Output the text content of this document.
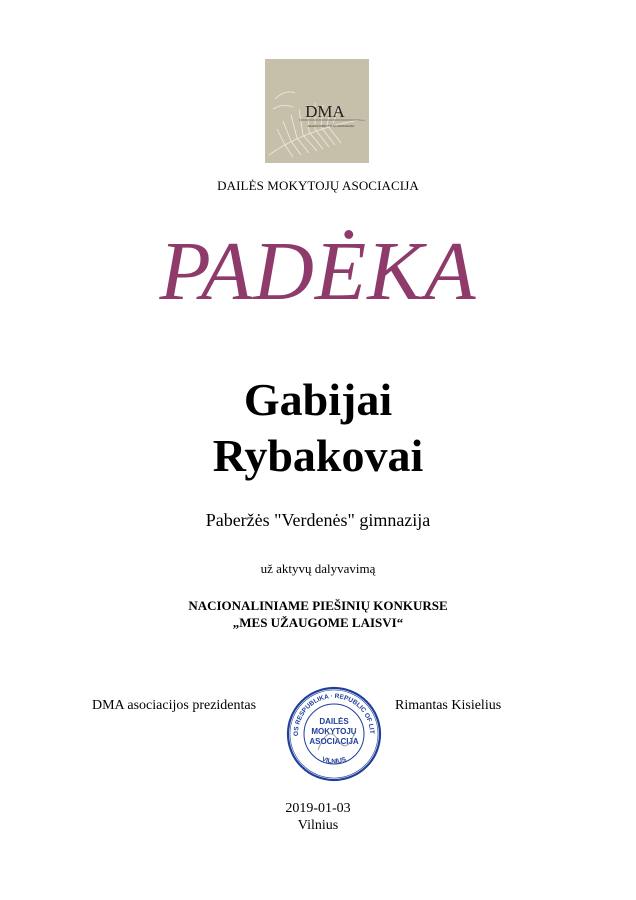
DMA
DAILĖS MOKYTOJŲ ASOCIACIJA
DAILĖS MOKYTOJŲ ASOCIACIJA
PADĖKA
Gabijai
Rybakovai
Paberžės "Verdenės" gimnazija
už aktyvų dalyvavimą
NACIONALINIAME PIEŠINIŲ KONKURSE
„MES UŽAUGOME LAISVI“
DMA asociacijos prezidentas	Rimantas Kisielius
OS RESPUBLIKA · REPUBLIC OF LIT
DAILĖS
MOKYTOJŲ
ASOCIACIJA
VILNIUS
2019-01-03
Vilnius
